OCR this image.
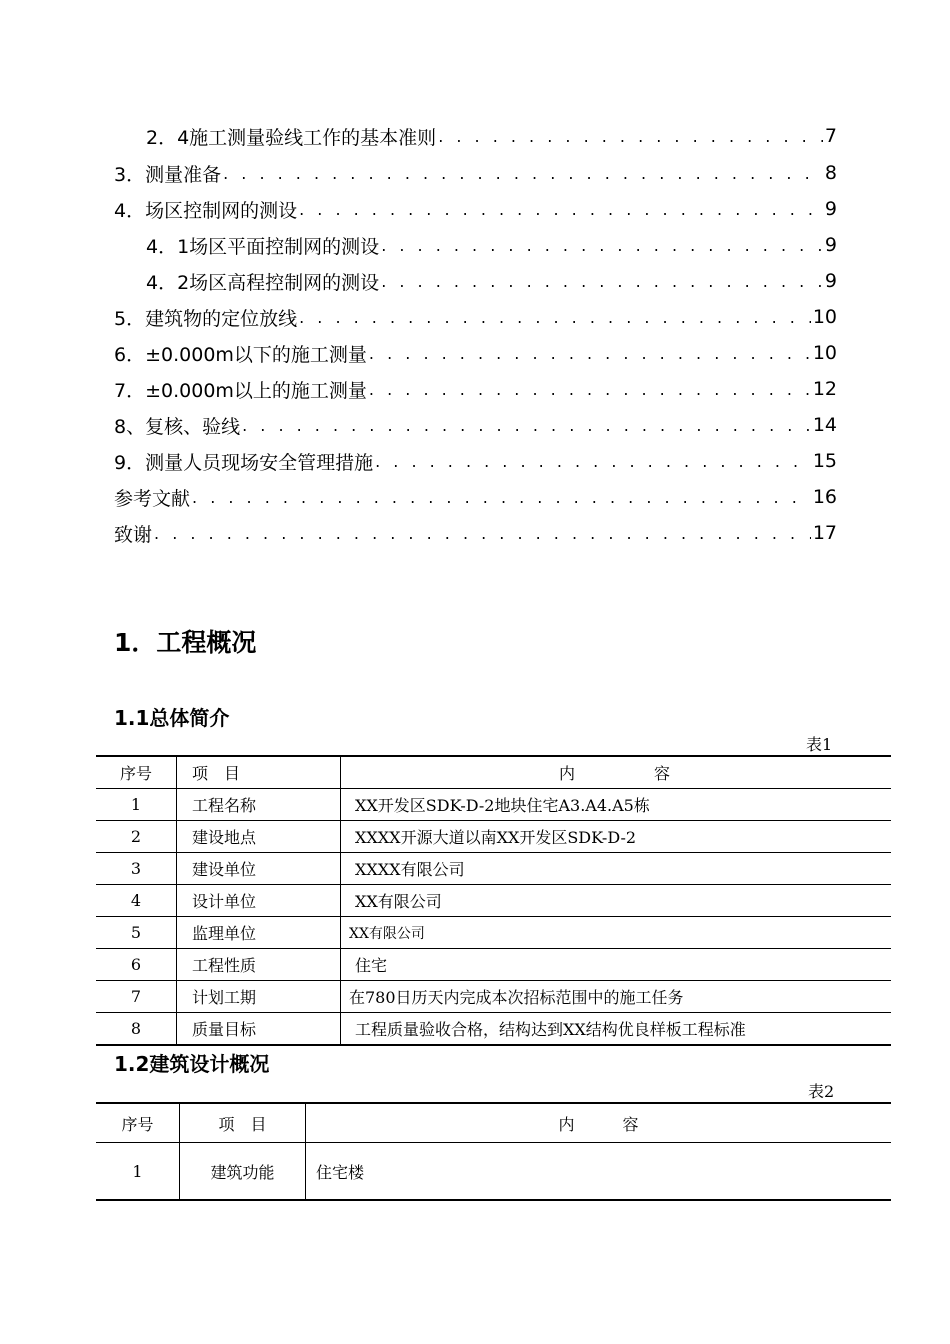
2．4施工测量验线工作的基本准则 . . .	7
3．测量准备 . . .	8
4．场区控制网的测设 . . .	9
4．1场区平面控制网的测设 . . .	9
4．2场区高程控制网的测设 . . .	9
5．建筑物的定位放线 . . .	10
6．±0.000m以下的施工测量 . . .	10
7．±0.000m以上的施工测量 . . .	12
8、复核、验线 . . .	14
9．测量人员现场安全管理措施 . . .	15
参考文献 . . .	16
致谢 . . .	17
1．工程概况
1.1总体简介
表1
序号	项　目	内　　　　容
1	工程名称	XX开发区SDK-D-2地块住宅A3.A4.A5栋
2	建设地点	XXXX开源大道以南XX开发区SDK-D-2
3	建设单位	XXXX有限公司
4	设计单位	XX有限公司
5	监理单位	XX有限公司
6	工程性质	住宅
7	计划工期	在780日历天内完成本次招标范围中的施工任务
8	质量目标	工程质量验收合格，结构达到XX结构优良样板工程标准
1.2建筑设计概况
表2
序号	项　目	内　　　容
1	建筑功能	住宅楼
